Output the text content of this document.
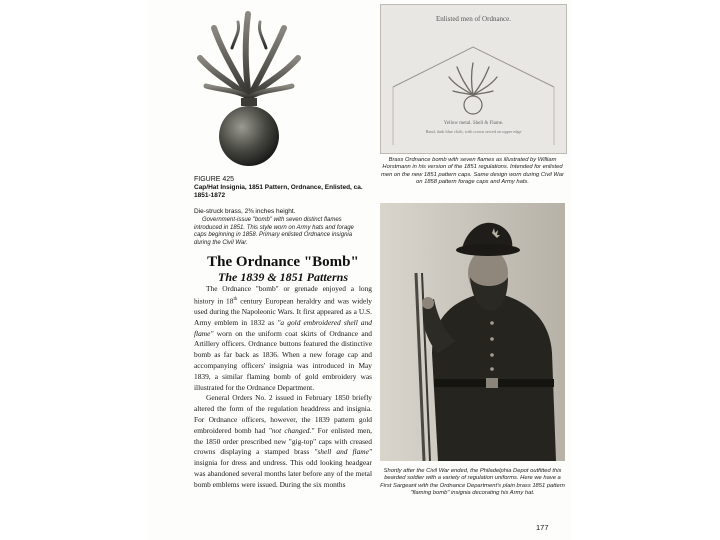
FIGURE 425
Cap/Hat Insignia, 1851 Pattern, Ordnance, Enlisted, ca. 1851-1872
Die-struck brass, 2⅜ inches height.
Government-issue "bomb" with seven distinct flames introduced in 1851. This style worn on Army hats and forage caps beginning in 1858. Primary enlisted Ordnance insignia during the Civil War.
The Ordnance "Bomb"
The 1839 & 1851 Patterns

The Ordnance "bomb" or grenade enjoyed a long history in 18th century European heraldry and was widely used during the Napoleonic Wars. It first appeared as a U.S. Army emblem in 1832 as "a gold embroidered shell and flame" worn on the uniform coat skirts of Ordnance and Artillery officers. Ordnance buttons featured the distinctive bomb as far back as 1836. When a new forage cap and accompanying officers' insignia was introduced in May 1839, a similar flaming bomb of gold embroidery was illustrated for the Ordnance Department.

General Orders No. 2 issued in February 1850 briefly altered the form of the regulation headdress and insignia. For Ordnance officers, however, the 1839 pattern gold embroidered bomb had "not changed." For enlisted men, the 1850 order prescribed new "gig-top" caps with creased crowns displaying a stamped brass "shell and flame" insignia for dress and undress. This odd looking headgear was abandoned several months later before any of the metal bomb emblems were issued. During the six months

Enlisted men of Ordnance.
Yellow metal. Shell & Flame.
Band, dark blue cloth, with crown sewed on upper edge
Brass Ordnance bomb with seven flames as illustrated by William Horstmann in his version of the 1851 regulations. Intended for enlisted men on the new 1851 pattern caps. Same design worn during Civil War on 1858 pattern forage caps and Army hats.
Shortly after the Civil War ended, the Philadelphia Depot outfitted this bearded soldier with a variety of regulation uniforms. Here we have a First Sargeant with the Ordnance Department's plain brass 1851 pattern "flaming bomb" insignia decorating his Army hat.
177
